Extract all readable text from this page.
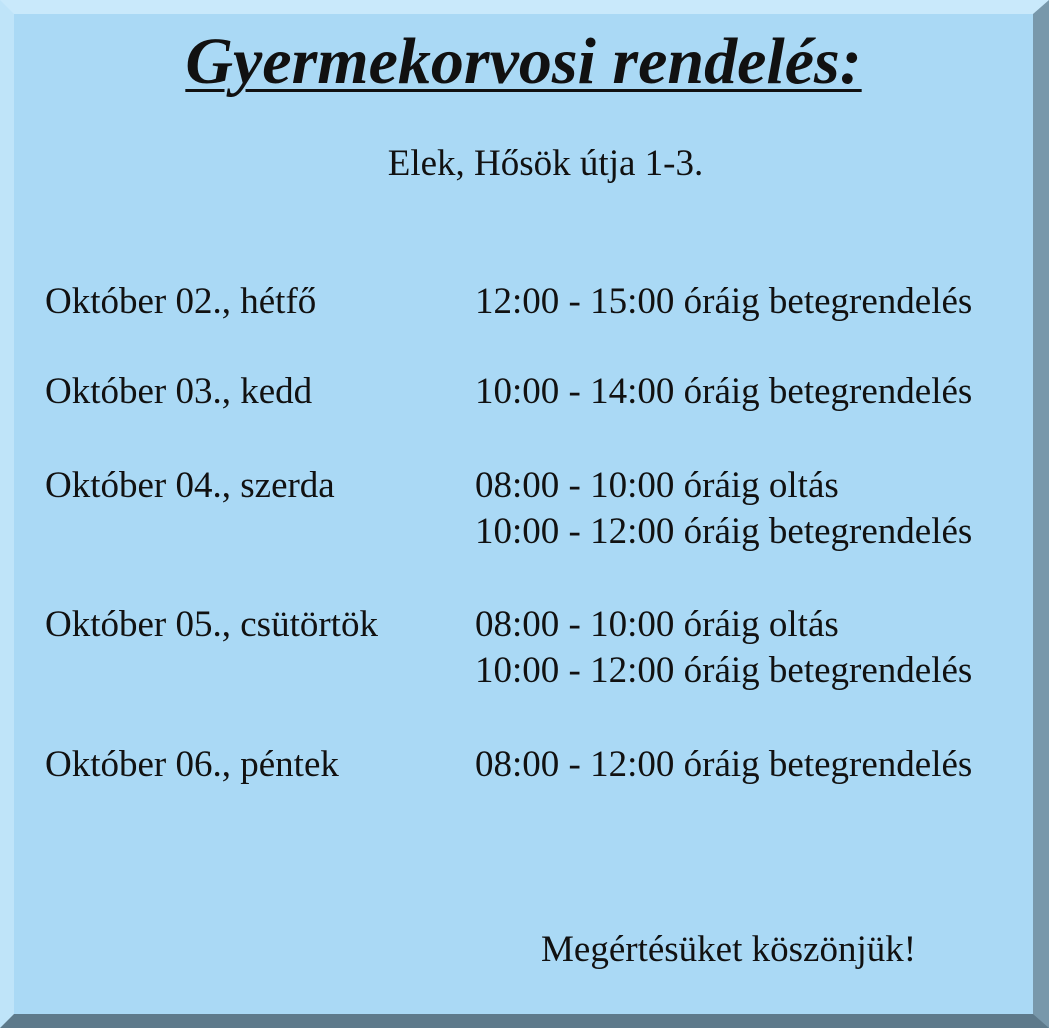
Gyermekorvosi rendelés:
Elek, Hősök útja 1-3.
Október 02., hétfő	12:00 - 15:00 óráig betegrendelés
Október 03., kedd	10:00 - 14:00 óráig betegrendelés
Október 04., szerda	08:00 - 10:00 óráig oltás
10:00 - 12:00 óráig betegrendelés
Október 05., csütörtök	08:00 - 10:00 óráig oltás
10:00 - 12:00 óráig betegrendelés
Október 06., péntek	08:00 - 12:00 óráig betegrendelés
Megértésüket köszönjük!
